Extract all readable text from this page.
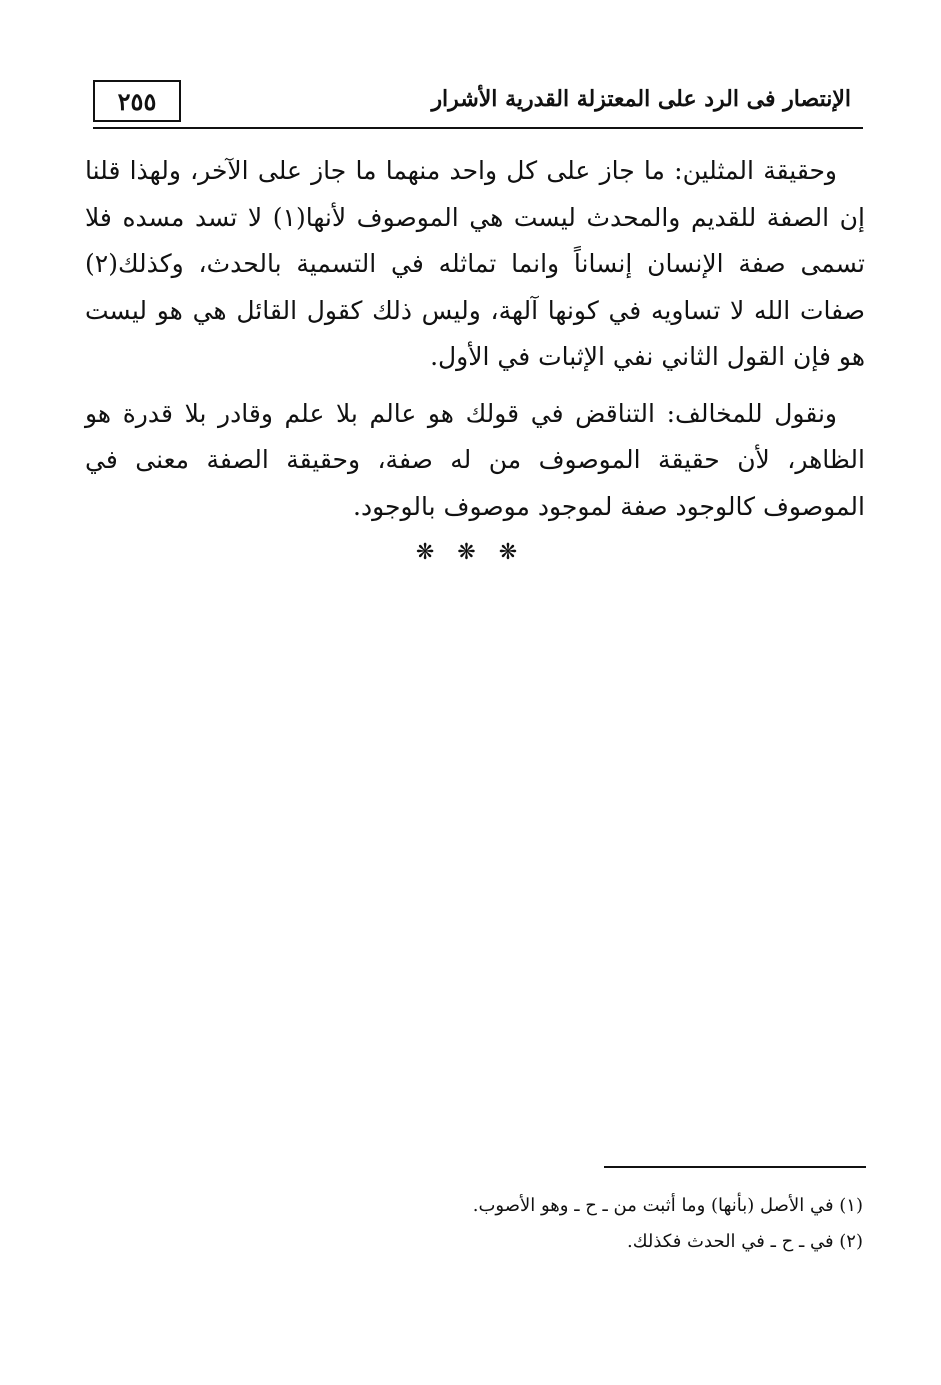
٢٥٥	الإنتصار فى الرد على المعتزلة القدرية الأشرار

وحقيقة المثلين: ما جاز على كل واحد منهما ما جاز على الآخر، ولهذا قلنا إن الصفة للقديم والمحدث ليست هي الموصوف لأنها(١) لا تسد مسده فلا تسمى صفة الإنسان إنساناً وانما تماثله في التسمية بالحدث، وكذلك(٢) صفات الله لا تساويه في كونها آلهة، وليس ذلك كقول القائل هي هو ليست هو فإن القول الثاني نفي الإثبات في الأول.

ونقول للمخالف: التناقض في قولك هو عالم بلا علم وقادر بلا قدرة هو الظاهر، لأن حقيقة الموصوف من له صفة، وحقيقة الصفة معنى في الموصوف كالوجود صفة لموجود موصوف بالوجود.

❋ ❋ ❋

(١) في الأصل (بأنها) وما أثبت من ـ ح ـ وهو الأصوب.

(٢) في ـ ح ـ في الحدث فكذلك.
